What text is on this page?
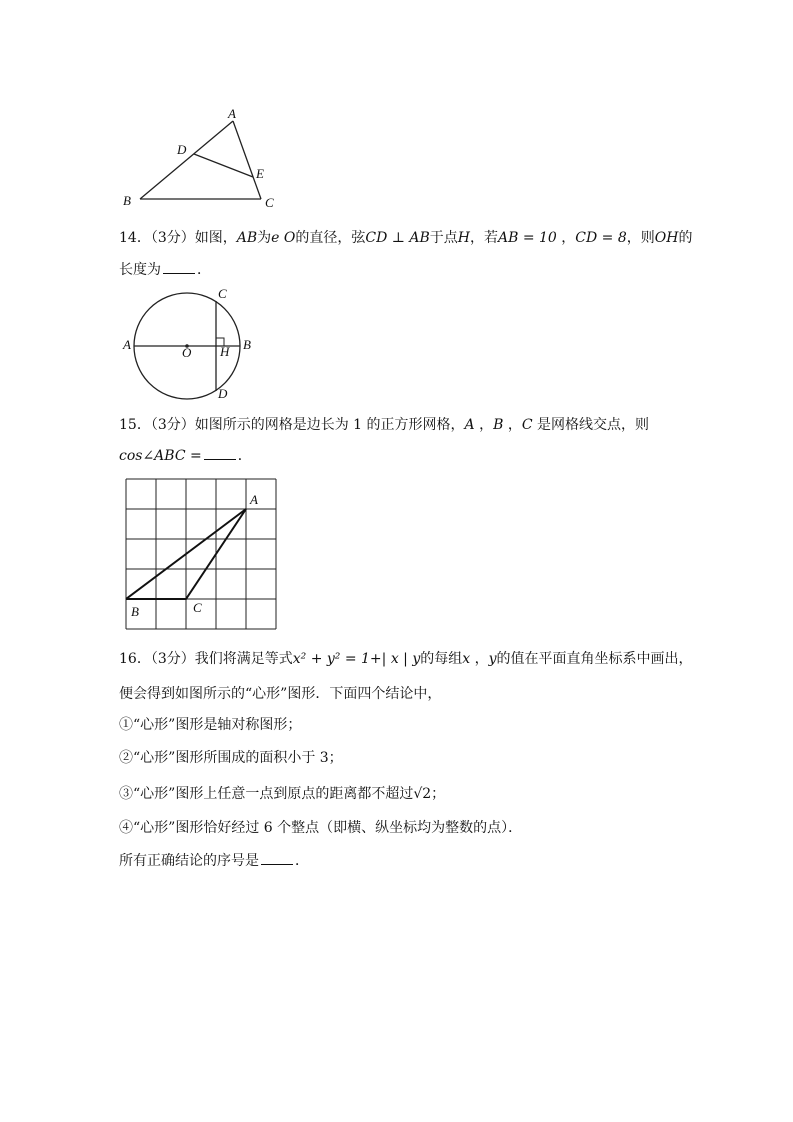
A
B	C
D
E
14．（3分）如图，AB为e O的直径，弦CD ⊥ AB于点H，若AB = 10 ，CD = 8，则OH的
长度为	．
A	B
C
D
O H
15．（3分）如图所示的网格是边长为 1 的正方形网格，A ，B ，C 是网格线交点，则
cos∠ABC =	．
A
B	C
16．（3分）我们将满足等式x² + y² = 1+| x | y的每组x ，y的值在平面直角坐标系中画出，
便会得到如图所示的“心形”图形．下面四个结论中，
①“心形”图形是轴对称图形；
②“心形”图形所围成的面积小于 3；
③“心形”图形上任意一点到原点的距离都不超过√2；
④“心形”图形恰好经过 6 个整点（即横、纵坐标均为整数的点）．
所有正确结论的序号是	．
